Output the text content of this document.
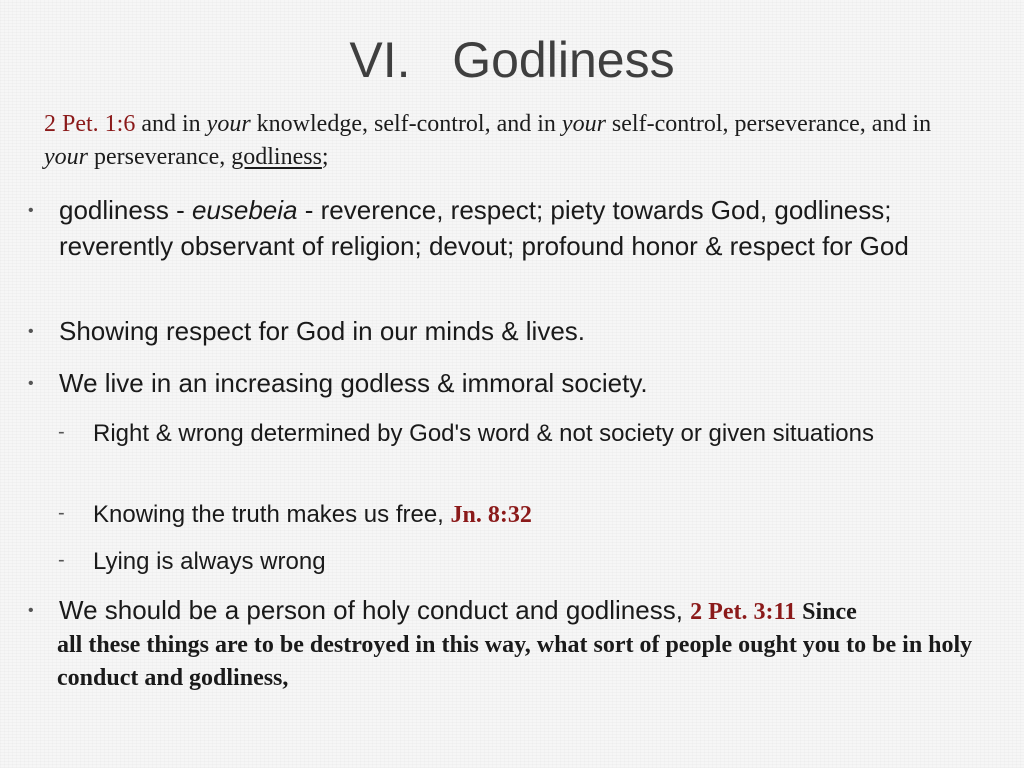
VI.   Godliness
2 Pet. 1:6 and in your knowledge, self-control, and in your self-control, perseverance, and in your perseverance, godliness;
• godliness - eusebeia - reverence, respect; piety towards God, godliness; reverently observant of religion; devout; profound honor & respect for God
• Showing respect for God in our minds & lives.
• We live in an increasing godless & immoral society.
- Right & wrong determined by God's word & not society or given situations
- Knowing the truth makes us free, Jn. 8:32
- Lying is always wrong
• We should be a person of holy conduct and godliness, 2 Pet. 3:11 Since
all these things are to be destroyed in this way, what sort of people ought you to be in holy conduct and godliness,
